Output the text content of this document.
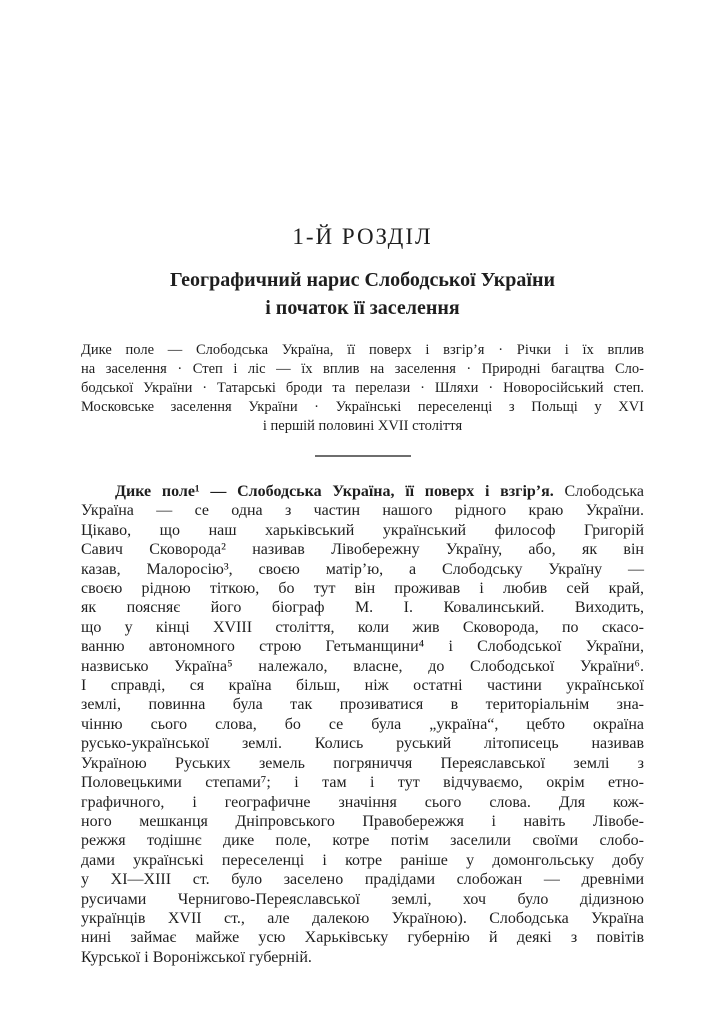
1-Й РОЗДІЛ
Географичний нарис Слободської України
і початок її заселення
Дике поле — Слободська Україна, її поверх і взгір’я · Річки і їх вплив
на заселення · Степ і ліс — їх вплив на заселення · Природні багацтва Сло-
бодської України · Татарські броди та перелази · Шляхи · Новоросійський степ.
Московське заселення України · Українські переселенці з Польщі у XVI
і першій половині XVII століття
Дике поле¹ — Слободська Україна, її поверх і взгір’я. Слободська
Україна — се одна з частин нашого рідного краю України.
Цікаво, що наш харьківський український философ Григорій
Савич Сковорода² називав Лівобережну Україну, або, як він
казав, Малоросію³, своєю матір’ю, а Слободську Україну —
своєю рідною тіткою, бо тут він проживав і любив сей край,
як поясняє його біограф М. І. Ковалинський. Виходить,
що у кінці XVIII століття, коли жив Сковорода, по скасо-
ванню автономного строю Гетьманщини⁴ і Слободської України,
назвисько Україна⁵ належало, власне, до Слободської України⁶.
І справді, ся країна більш, ніж остатні частини української
землі, повинна була так прозиватися в територіальнім зна-
чінню сього слова, бо се була „україна“, цебто окраїна
русько-української землі. Колись руський літописець називав
Україною Руських земель погряниччя Переяславської землі з
Половецькими степами⁷; і там і тут відчуваємо, окрім етно-
графичного, і географичне значіння сього слова. Для кож-
ного мешканця Дніпровського Правобережжя і навіть Лівобе-
режжя тодішнє дике поле, котре потім заселили своїми слобо-
дами українські переселенці і котре раніше у домонгольську добу
у XI—XIII ст. було заселено прадідами слобожан — древніми
русичами Чернигово-Переяславської землі, хоч було дідизною
українців XVII ст., але далекою Україною). Слободська Україна
нині займає майже усю Харьківську губернію й деякі з повітів
Курської і Вороніжської губерній.
